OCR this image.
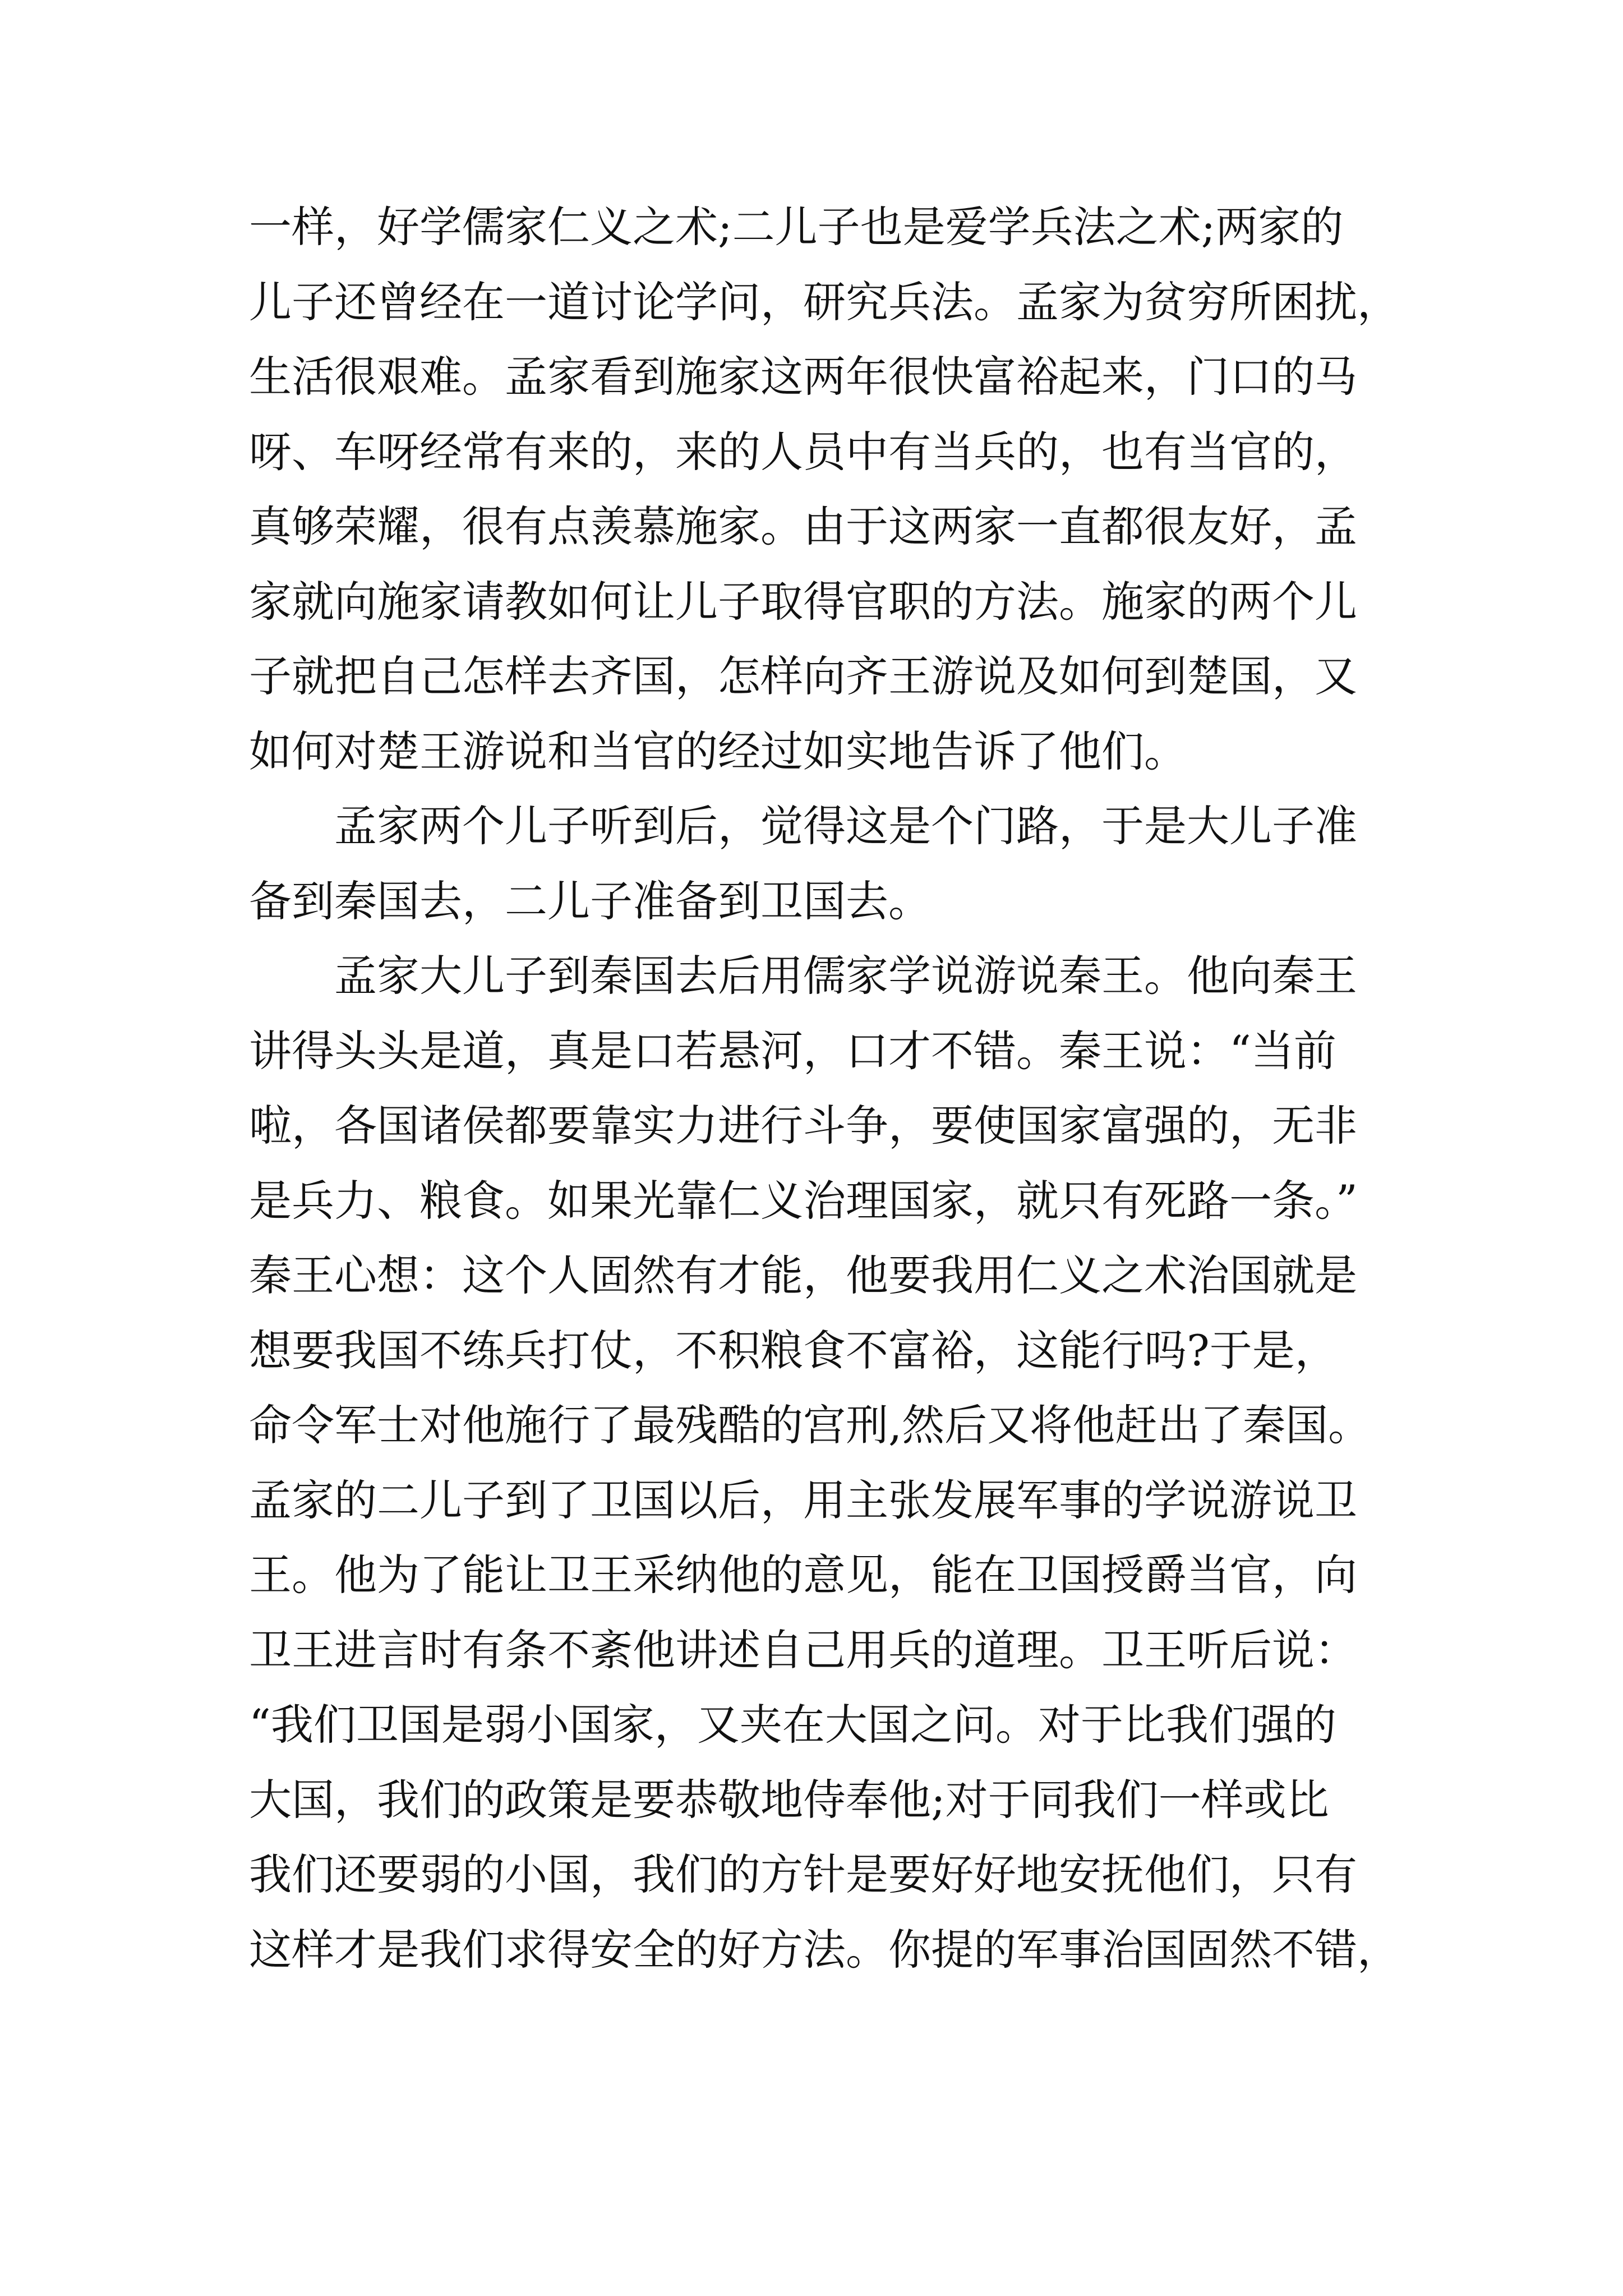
一样，好学儒家仁义之术;二儿子也是爱学兵法之术;两家的
儿子还曾经在一道讨论学问，研究兵法。孟家为贫穷所困扰，
生活很艰难。孟家看到施家这两年很快富裕起来，门口的马
呀、车呀经常有来的，来的人员中有当兵的，也有当官的，
真够荣耀，很有点羡慕施家。由于这两家一直都很友好，孟
家就向施家请教如何让儿子取得官职的方法。施家的两个儿
子就把自己怎样去齐国，怎样向齐王游说及如何到楚国，又
如何对楚王游说和当官的经过如实地告诉了他们。
孟家两个儿子听到后，觉得这是个门路，于是大儿子准
备到秦国去，二儿子准备到卫国去。
孟家大儿子到秦国去后用儒家学说游说秦王。他向秦王
讲得头头是道，真是口若悬河，口才不错。秦王说：“当前
啦，各国诸侯都要靠实力进行斗争，要使国家富强的，无非
是兵力、粮食。如果光靠仁义治理国家，就只有死路一条。”
秦王心想：这个人固然有才能，他要我用仁义之术治国就是
想要我国不练兵打仗，不积粮食不富裕，这能行吗?于是，
命令军士对他施行了最残酷的宫刑,然后又将他赶出了秦国。
孟家的二儿子到了卫国以后，用主张发展军事的学说游说卫
王。他为了能让卫王采纳他的意见，能在卫国授爵当官，向
卫王进言时有条不紊他讲述自己用兵的道理。卫王听后说：
“我们卫国是弱小国家，又夹在大国之问。对于比我们强的
大国，我们的政策是要恭敬地侍奉他;对于同我们一样或比
我们还要弱的小国，我们的方针是要好好地安抚他们，只有
这样才是我们求得安全的好方法。你提的军事治国固然不错，
